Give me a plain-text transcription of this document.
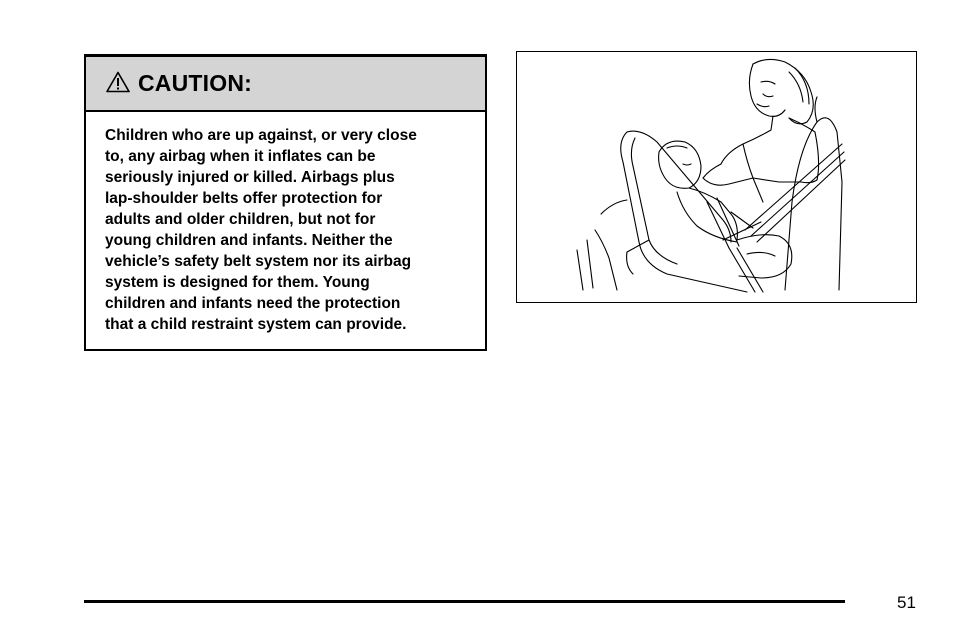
CAUTION:
Children who are up against, or very close
to, any airbag when it inflates can be
seriously injured or killed. Airbags plus
lap-shoulder belts offer protection for
adults and older children, but not for
young children and infants. Neither the
vehicle’s safety belt system nor its airbag
system is designed for them. Young
children and infants need the protection
that a child restraint system can provide.
51
